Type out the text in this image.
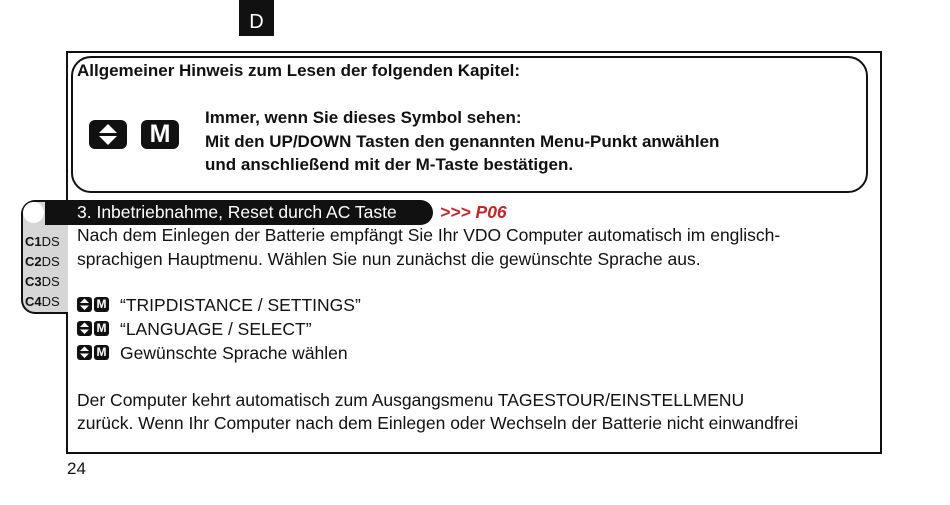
D
Allgemeiner Hinweis zum Lesen der folgenden Kapitel:
M
Immer, wenn Sie dieses Symbol sehen:
Mit den UP/DOWN Tasten den genannten Menu-Punkt anwählen
und anschließend mit der M-Taste bestätigen.
3. Inbetriebnahme, Reset durch AC Taste >>> P06
C1DS
C2DS
C3DS
C4DS
Nach dem Einlegen der Batterie empfängt Sie Ihr VDO Computer automatisch im englisch-
sprachigen Hauptmenu. Wählen Sie nun zunächst die gewünschte Sprache aus.
M “TRIPDISTANCE / SETTINGS”
M “LANGUAGE / SELECT”
M Gewünschte Sprache wählen
Der Computer kehrt automatisch zum Ausgangsmenu TAGESTOUR/EINSTELLMENU
zurück. Wenn Ihr Computer nach dem Einlegen oder Wechseln der Batterie nicht einwandfrei
24
